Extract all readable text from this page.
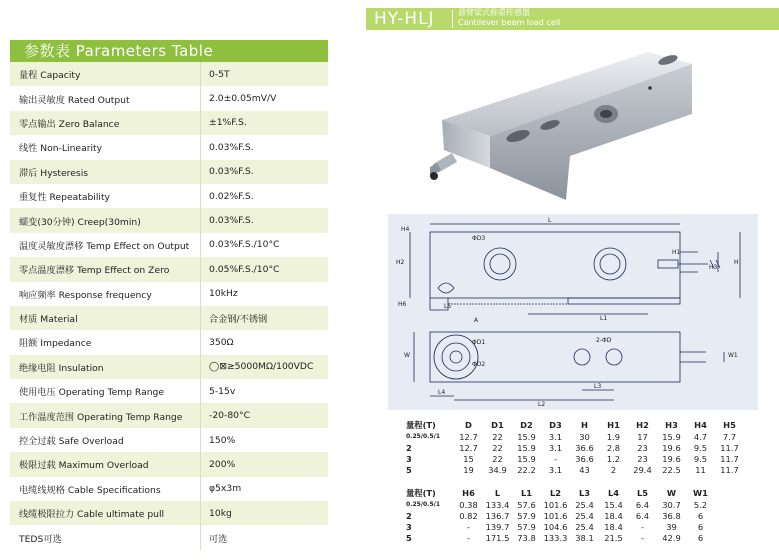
参数表 Parameters Table
量程 Capacity	0-5T
输出灵敏度 Rated Output	2.0±0.05mV/V
零点输出 Zero Balance	±1%F.S.
线性 Non-Linearity	0.03%F.S.
滞后 Hysteresis	0.03%F.S.
重复性 Repeatability	0.02%F.S.
蠕变(30分钟) Creep(30min)	0.03%F.S.
温度灵敏度漂移 Temp Effect on Output	0.03%F.S./10°C
零点温度漂移 Temp Effect on Zero	0.05%F.S./10°C
响应频率 Response frequency	10kHz
材质 Material	合金钢/不锈钢
阻额 Impedance	350Ω
绝缘电阻 Insulation	◯⊠≥5000MΩ/100VDC
使用电压 Operating Temp Range	5-15v
工作温度范围 Operating Temp Range	-20-80°C
控全过载 Safe Overload	150%
极限过载 Maximum Overload	200%
电缆线规格 Cable Specifications	φ5x3m
线缆极限拉力 Cable ultimate pull	10kg
TEDS可选	可选
HY-HLJ	悬臂梁式称重传感器
Cantilever beam load cell
L
H4
ΦD3
H2	H
H1
H3
H6	L5
A	L1
W
ΦD1
ΦD2
2-ΦD
W1
L3
L4
L2
量程(T)	D	D1	D2	D3	H	H1	H2	H3	H4	H5
0.25/0.5/1	12.7	22	15.9	3.1	30	1.9	17	15.9	4.7	7.7
2	12.7	22	15.9	3.1	36.6	2.8	23	19.6	9.5	11.7
3	15	22	15.9	-	36.6	1.2	23	19.6	9.5	11.7
5	19	34.9	22.2	3.1	43	2	29.4	22.5	11	11.7
量程(T)	H6	L	L1	L2	L3	L4	L5	W	W1
0.25/0.5/1	0.38	133.4	57.6	101.6	25.4	15.4	6.4	30.7	5.2
2	0.82	136.7	57.9	101.6	25.4	18.4	6.4	36.8	6
3	-	139.7	57.9	104.6	25.4	18.4	-	39	6
5	-	171.5	73.8	133.3	38.1	21.5	-	42.9	6
